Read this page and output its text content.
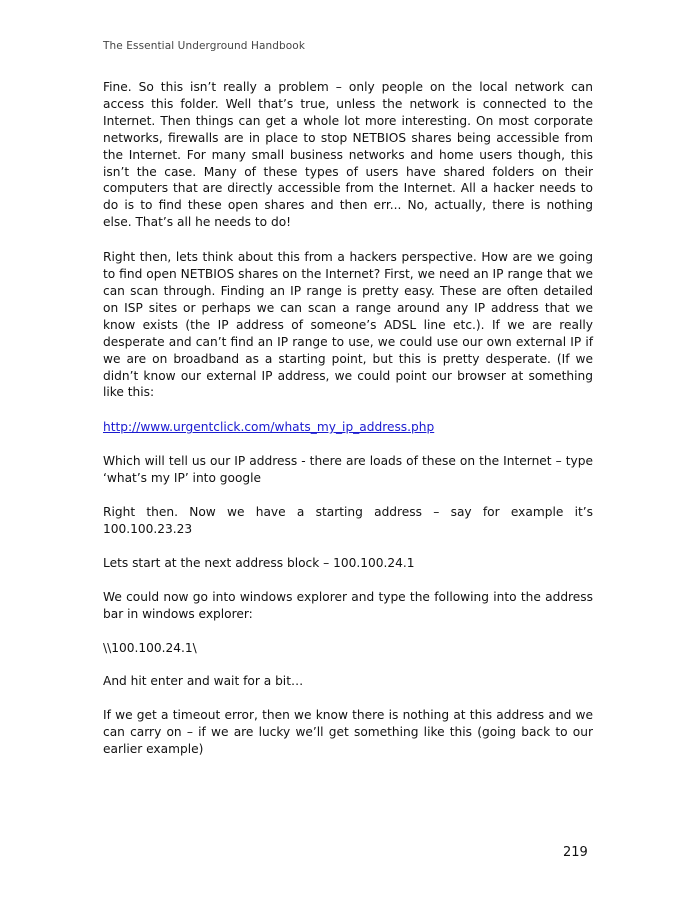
The Essential Underground Handbook

Fine. So this isn’t really a problem – only people on the local network can access this folder. Well that’s true, unless the network is connected to the Internet. Then things can get a whole lot more interesting. On most corporate networks, firewalls are in place to stop NETBIOS shares being accessible from the Internet. For many small business networks and home users though, this isn’t the case. Many of these types of users have shared folders on their computers that are directly accessible from the Internet. All a hacker needs to do is to find these open shares and then err... No, actually, there is nothing else. That’s all he needs to do!

Right then, lets think about this from a hackers perspective. How are we going to find open NETBIOS shares on the Internet? First, we need an IP range that we can scan through. Finding an IP range is pretty easy. These are often detailed on ISP sites or perhaps we can scan a range around any IP address that we know exists (the IP address of someone’s ADSL line etc.). If we are really desperate and can’t find an IP range to use, we could use our own external IP if we are on broadband as a starting point, but this is pretty desperate. (If we didn’t know our external IP address, we could point our browser at something like this:

http://www.urgentclick.com/whats_my_ip_address.php

Which will tell us our IP address - there are loads of these on the Internet – type ‘what’s my IP’ into google

Right then. Now we have a starting address – say for example it’s 100.100.23.23

Lets start at the next address block – 100.100.24.1

We could now go into windows explorer and type the following into the address bar in windows explorer:

\\100.100.24.1\

And hit enter and wait for a bit…

If we get a timeout error, then we know there is nothing at this address and we can carry on – if we are lucky we’ll get something like this (going back to our earlier example)

219
